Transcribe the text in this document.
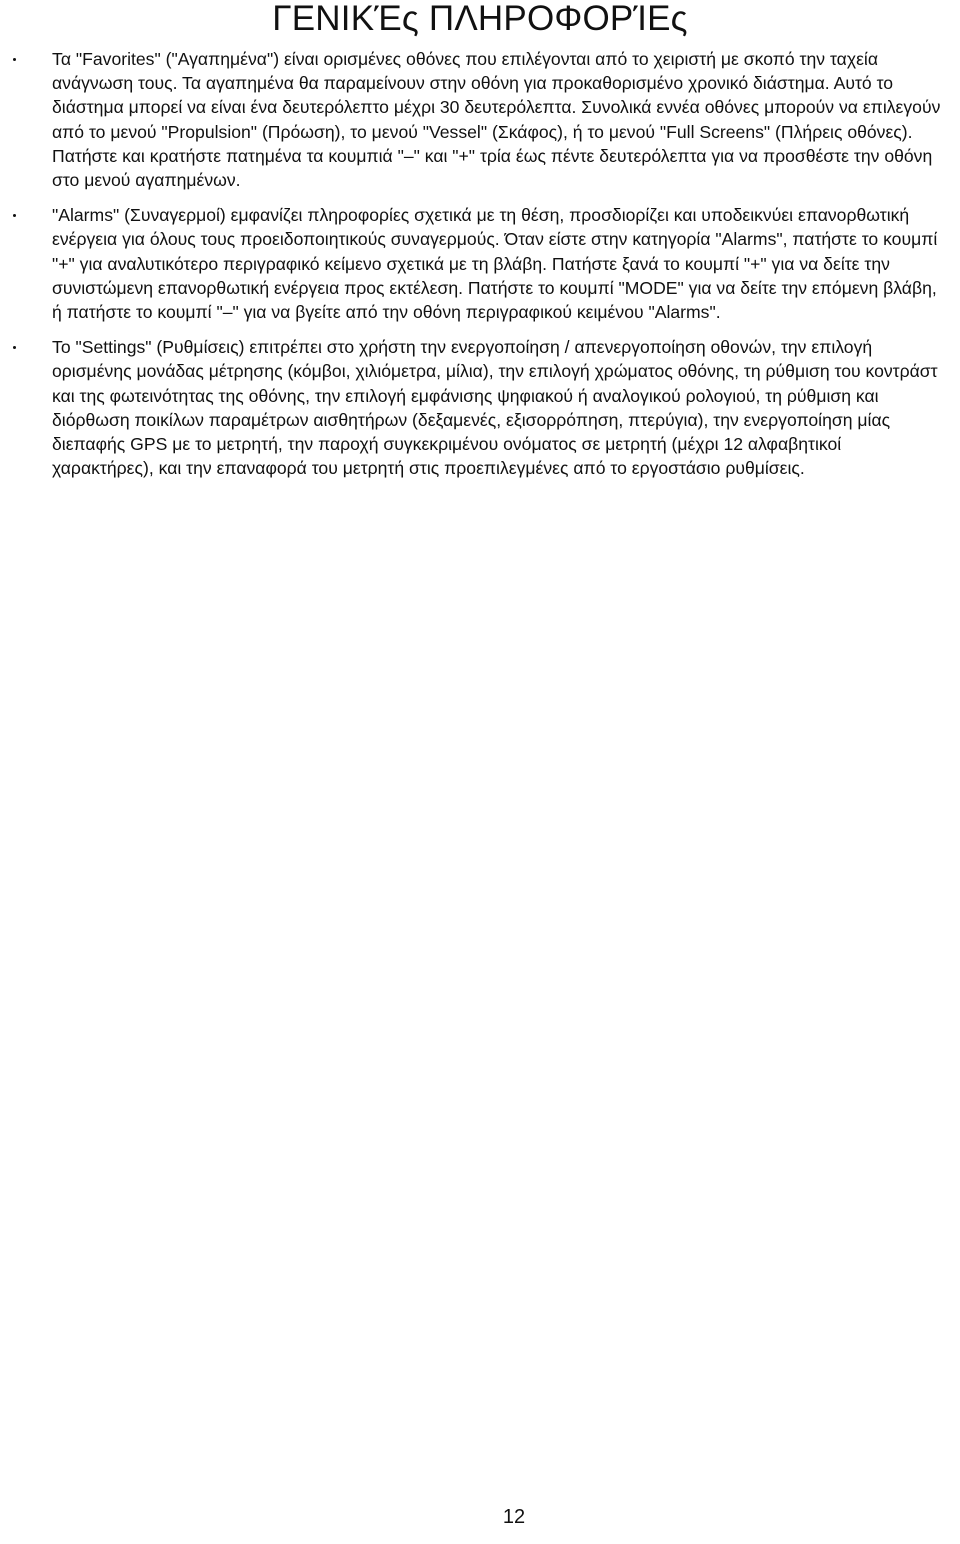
ΓΕΝΙΚΈς ΠΛΗΡΟΦΟΡΊΕς
Τα "Favorites" ("Αγαπημένα") είναι ορισμένες οθόνες που επιλέγονται από το χειριστή με σκοπό την ταχεία ανάγνωση τους. Τα αγαπημένα θα παραμείνουν στην οθόνη για προκαθορισμένο χρονικό διάστημα. Αυτό το διάστημα μπορεί να είναι ένα δευτερόλεπτο μέχρι 30 δευτερόλεπτα. Συνολικά εννέα οθόνες μπορούν να επιλεγούν από το μενού "Propulsion" (Πρόωση), το μενού "Vessel" (Σκάφος), ή το μενού "Full Screens" (Πλήρεις οθόνες). Πατήστε και κρατήστε πατημένα τα κουμπιά "–" και "+" τρία έως πέντε δευτερόλεπτα για να προσθέστε την οθόνη στο μενού αγαπημένων.
"Alarms" (Συναγερμοί) εμφανίζει πληροφορίες σχετικά με τη θέση, προσδιορίζει και υποδεικνύει επανορθωτική ενέργεια για όλους τους προειδοποιητικούς συναγερμούς. Όταν είστε στην κατηγορία "Alarms", πατήστε το κουμπί "+" για αναλυτικότερο περιγραφικό κείμενο σχετικά με τη βλάβη. Πατήστε ξανά το κουμπί "+" για να δείτε την συνιστώμενη επανορθωτική ενέργεια προς εκτέλεση. Πατήστε το κουμπί "MODE" για να δείτε την επόμενη βλάβη, ή πατήστε το κουμπί "–" για να βγείτε από την οθόνη περιγραφικού κειμένου "Alarms".
Το "Settings" (Ρυθμίσεις) επιτρέπει στο χρήστη την ενεργοποίηση / απενεργοποίηση οθονών, την επιλογή ορισμένης μονάδας μέτρησης (κόμβοι, χιλιόμετρα, μίλια), την επιλογή χρώματος οθόνης, τη ρύθμιση του κοντράστ και της φωτεινότητας της οθόνης, την επιλογή εμφάνισης ψηφιακού ή αναλογικού ρολογιού, τη ρύθμιση και διόρθωση ποικίλων παραμέτρων αισθητήρων (δεξαμενές, εξισορρόπηση, πτερύγια), την ενεργοποίηση μίας διεπαφής GPS με το μετρητή, την παροχή συγκεκριμένου ονόματος σε μετρητή (μέχρι 12 αλφαβητικοί χαρακτήρες), και την επαναφορά του μετρητή στις προεπιλεγμένες από το εργοστάσιο ρυθμίσεις.
12
